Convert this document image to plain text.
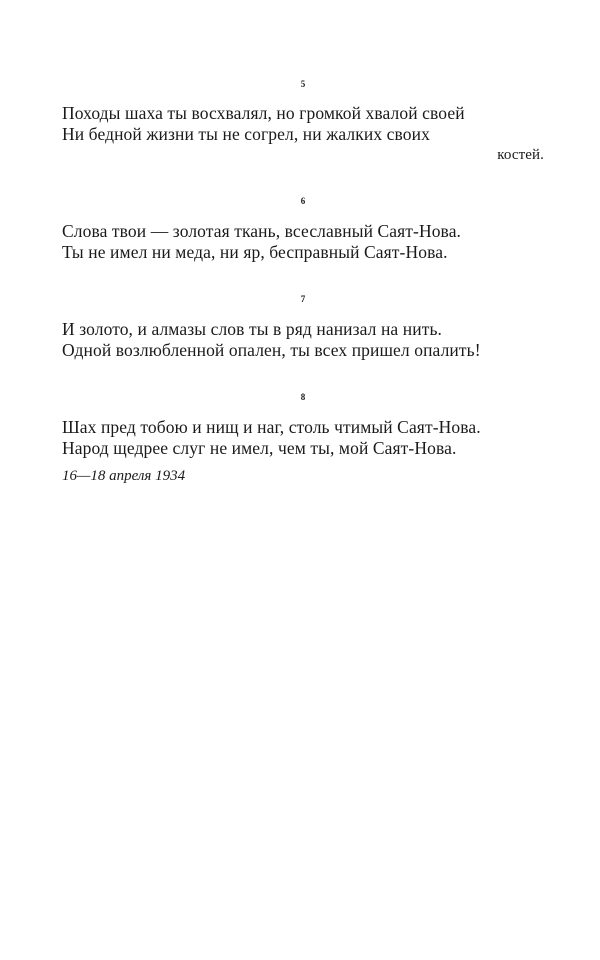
5

Походы шаха ты восхвалял, но громкой хвалой своей
Ни бедной жизни ты не согрел, ни жалких своих
костей.

6

Слова твои — золотая ткань, всеславный Саят-Нова.
Ты не имел ни меда, ни яр, бесправный Саят-Нова.

7

И золото, и алмазы слов ты в ряд нанизал на нить.
Одной возлюбленной опален, ты всех пришел опалить!

8

Шах пред тобою и нищ и наг, столь чтимый Саят-Нова.
Народ щедрее слуг не имел, чем ты, мой Саят-Нова.
16—18 апреля 1934
